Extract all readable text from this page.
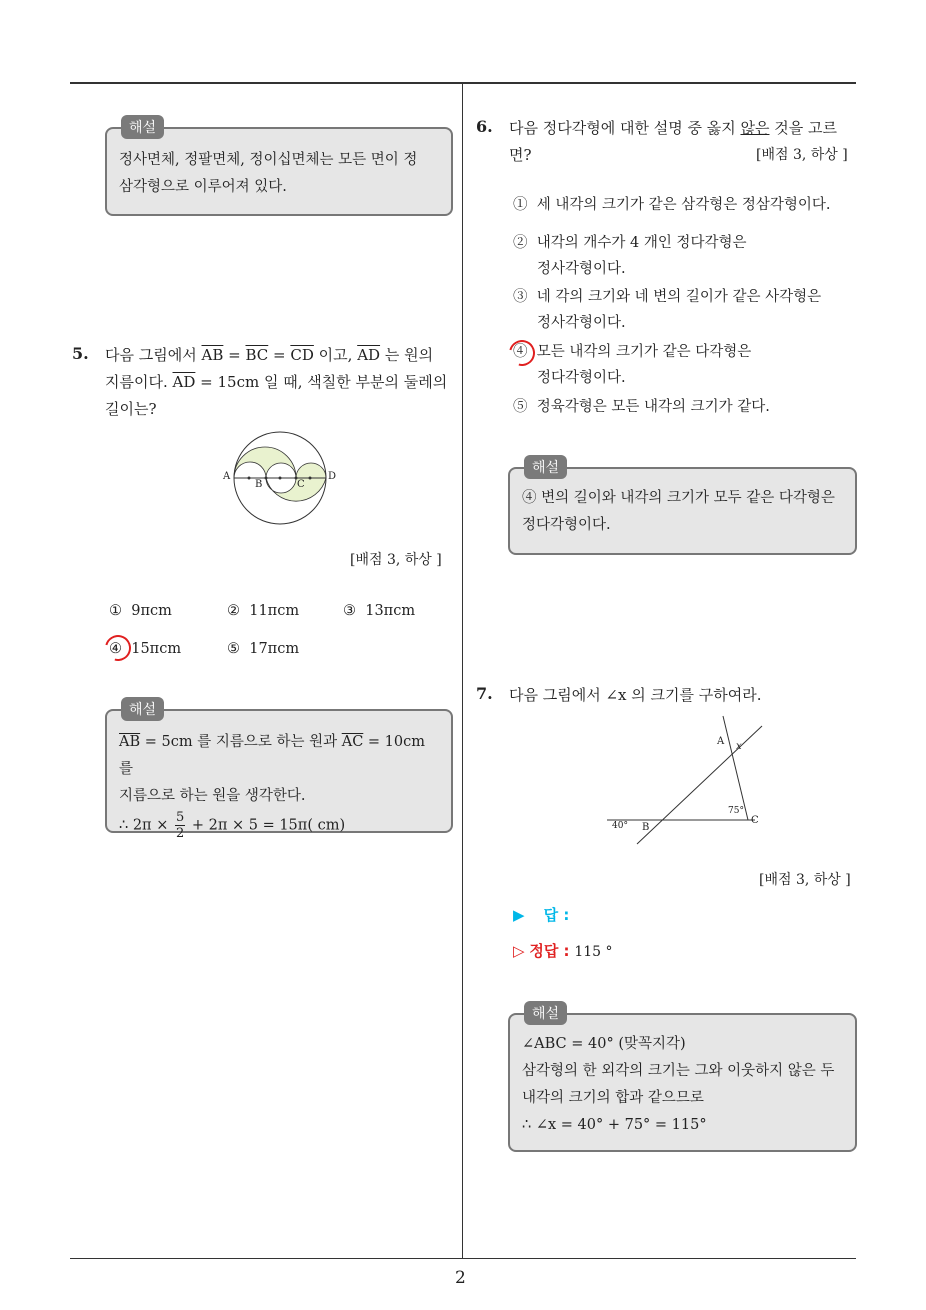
2
해설
정사면체, 정팔면체, 정이십면체는 모든 면이 정
삼각형으로 이루어져 있다.
5. 다음 그림에서 $\overline{AB} = \overline{BC} = \overline{CD}$ 이고, $\overline{AD}$ 는 원의
지름이다. $\overline{AD} = 15cm$ 일 때, 색칠한 부분의 둘레의
길이는?
A
B	C
D
[배점 3, 하상 ]
① 9πcm	② 11πcm	③ 13πcm
④ 15πcm	⑤ 17πcm
해설
$\overline{AB} = 5cm$ 를 지름으로 하는 원과 $\overline{AC} = 10cm$ 를
지름으로 하는 원을 생각한다.
∴ $2\pi \times \frac{5}{2} + 2\pi \times 5 = 15\pi$( cm)
6. 다음 정다각형에 대한 설명 중 옳지 않은 것을 고르면?	[배점 3, 하상 ]
① 세 내각의 크기가 같은 삼각형은 정삼각형이다.
② 내각의 개수가 4 개인 정다각형은
정사각형이다.
③ 네 각의 크기와 네 변의 길이가 같은 사각형은
정사각형이다.
④ 모든 내각의 크기가 같은 다각형은
정다각형이다.
⑤ 정육각형은 모든 내각의 크기가 같다.
해설
④ 변의 길이와 내각의 크기가 모두 같은 다각형은
정다각형이다.
7. 다음 그림에서 ∠x 의 크기를 구하여라.
A x
75°
C
40° B
[배점 3, 하상 ]
▶ 답 :
▷ 정답 : 115 °
해설
∠ABC = 40° (맞꼭지각)
삼각형의 한 외각의 크기는 그와 이웃하지 않은 두
내각의 크기의 합과 같으므로
∴ ∠x = 40° + 75° = 115°
